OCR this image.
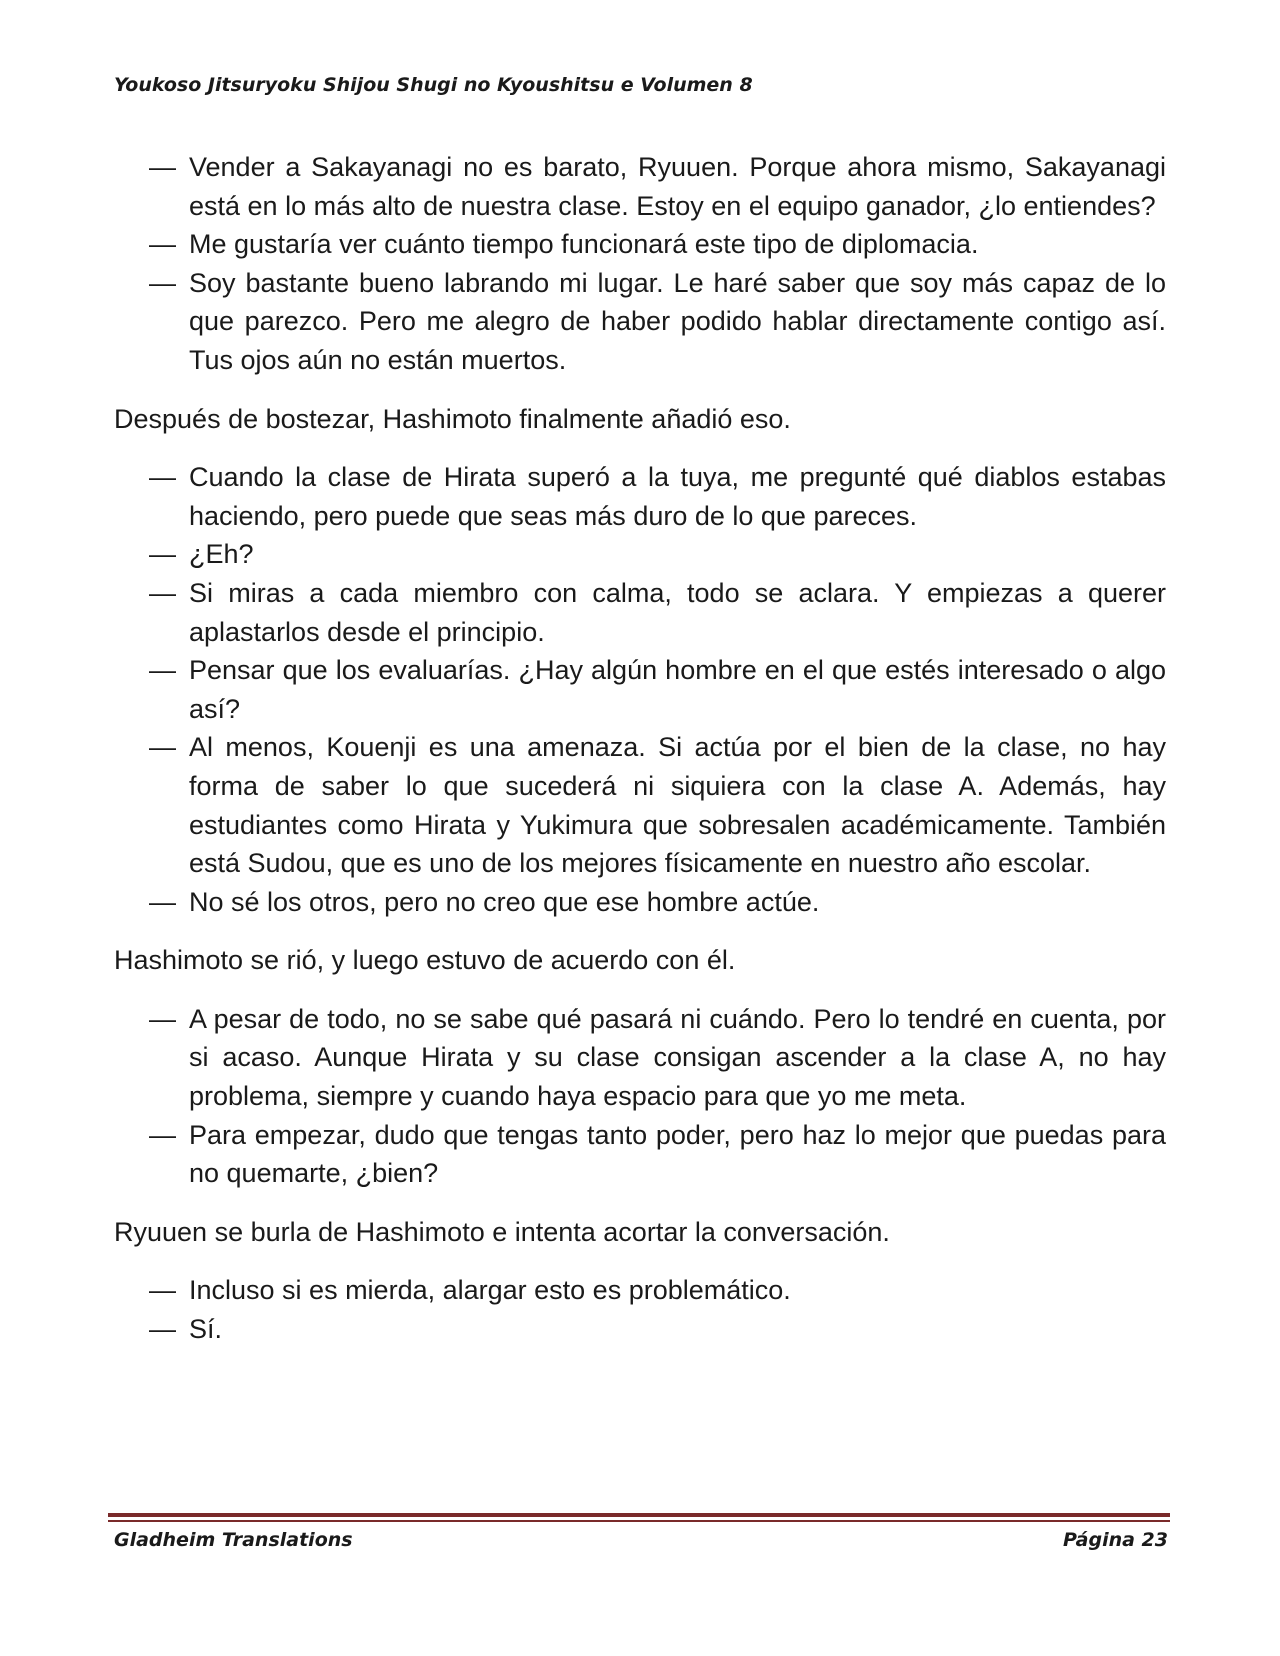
Youkoso Jitsuryoku Shijou Shugi no Kyoushitsu e Volumen 8
— Vender a Sakayanagi no es barato, Ryuuen. Porque ahora mismo, Sakayanagi está en lo más alto de nuestra clase. Estoy en el equipo ganador, ¿lo entiendes?
— Me gustaría ver cuánto tiempo funcionará este tipo de diplomacia.
— Soy bastante bueno labrando mi lugar. Le haré saber que soy más capaz de lo que parezco. Pero me alegro de haber podido hablar directamente contigo así. Tus ojos aún no están muertos.

Después de bostezar, Hashimoto finalmente añadió eso.

— Cuando la clase de Hirata superó a la tuya, me pregunté qué diablos estabas haciendo, pero puede que seas más duro de lo que pareces.
— ¿Eh?
— Si miras a cada miembro con calma, todo se aclara. Y empiezas a querer aplastarlos desde el principio.
— Pensar que los evaluarías. ¿Hay algún hombre en el que estés interesado o algo así?
— Al menos, Kouenji es una amenaza. Si actúa por el bien de la clase, no hay forma de saber lo que sucederá ni siquiera con la clase A. Además, hay estudiantes como Hirata y Yukimura que sobresalen académicamente. También está Sudou, que es uno de los mejores físicamente en nuestro año escolar.
— No sé los otros, pero no creo que ese hombre actúe.

Hashimoto se rió, y luego estuvo de acuerdo con él.

— A pesar de todo, no se sabe qué pasará ni cuándo. Pero lo tendré en cuenta, por si acaso. Aunque Hirata y su clase consigan ascender a la clase A, no hay problema, siempre y cuando haya espacio para que yo me meta.
— Para empezar, dudo que tengas tanto poder, pero haz lo mejor que puedas para no quemarte, ¿bien?

Ryuuen se burla de Hashimoto e intenta acortar la conversación.

— Incluso si es mierda, alargar esto es problemático.
— Sí.
Gladheim Translations	Página 23
